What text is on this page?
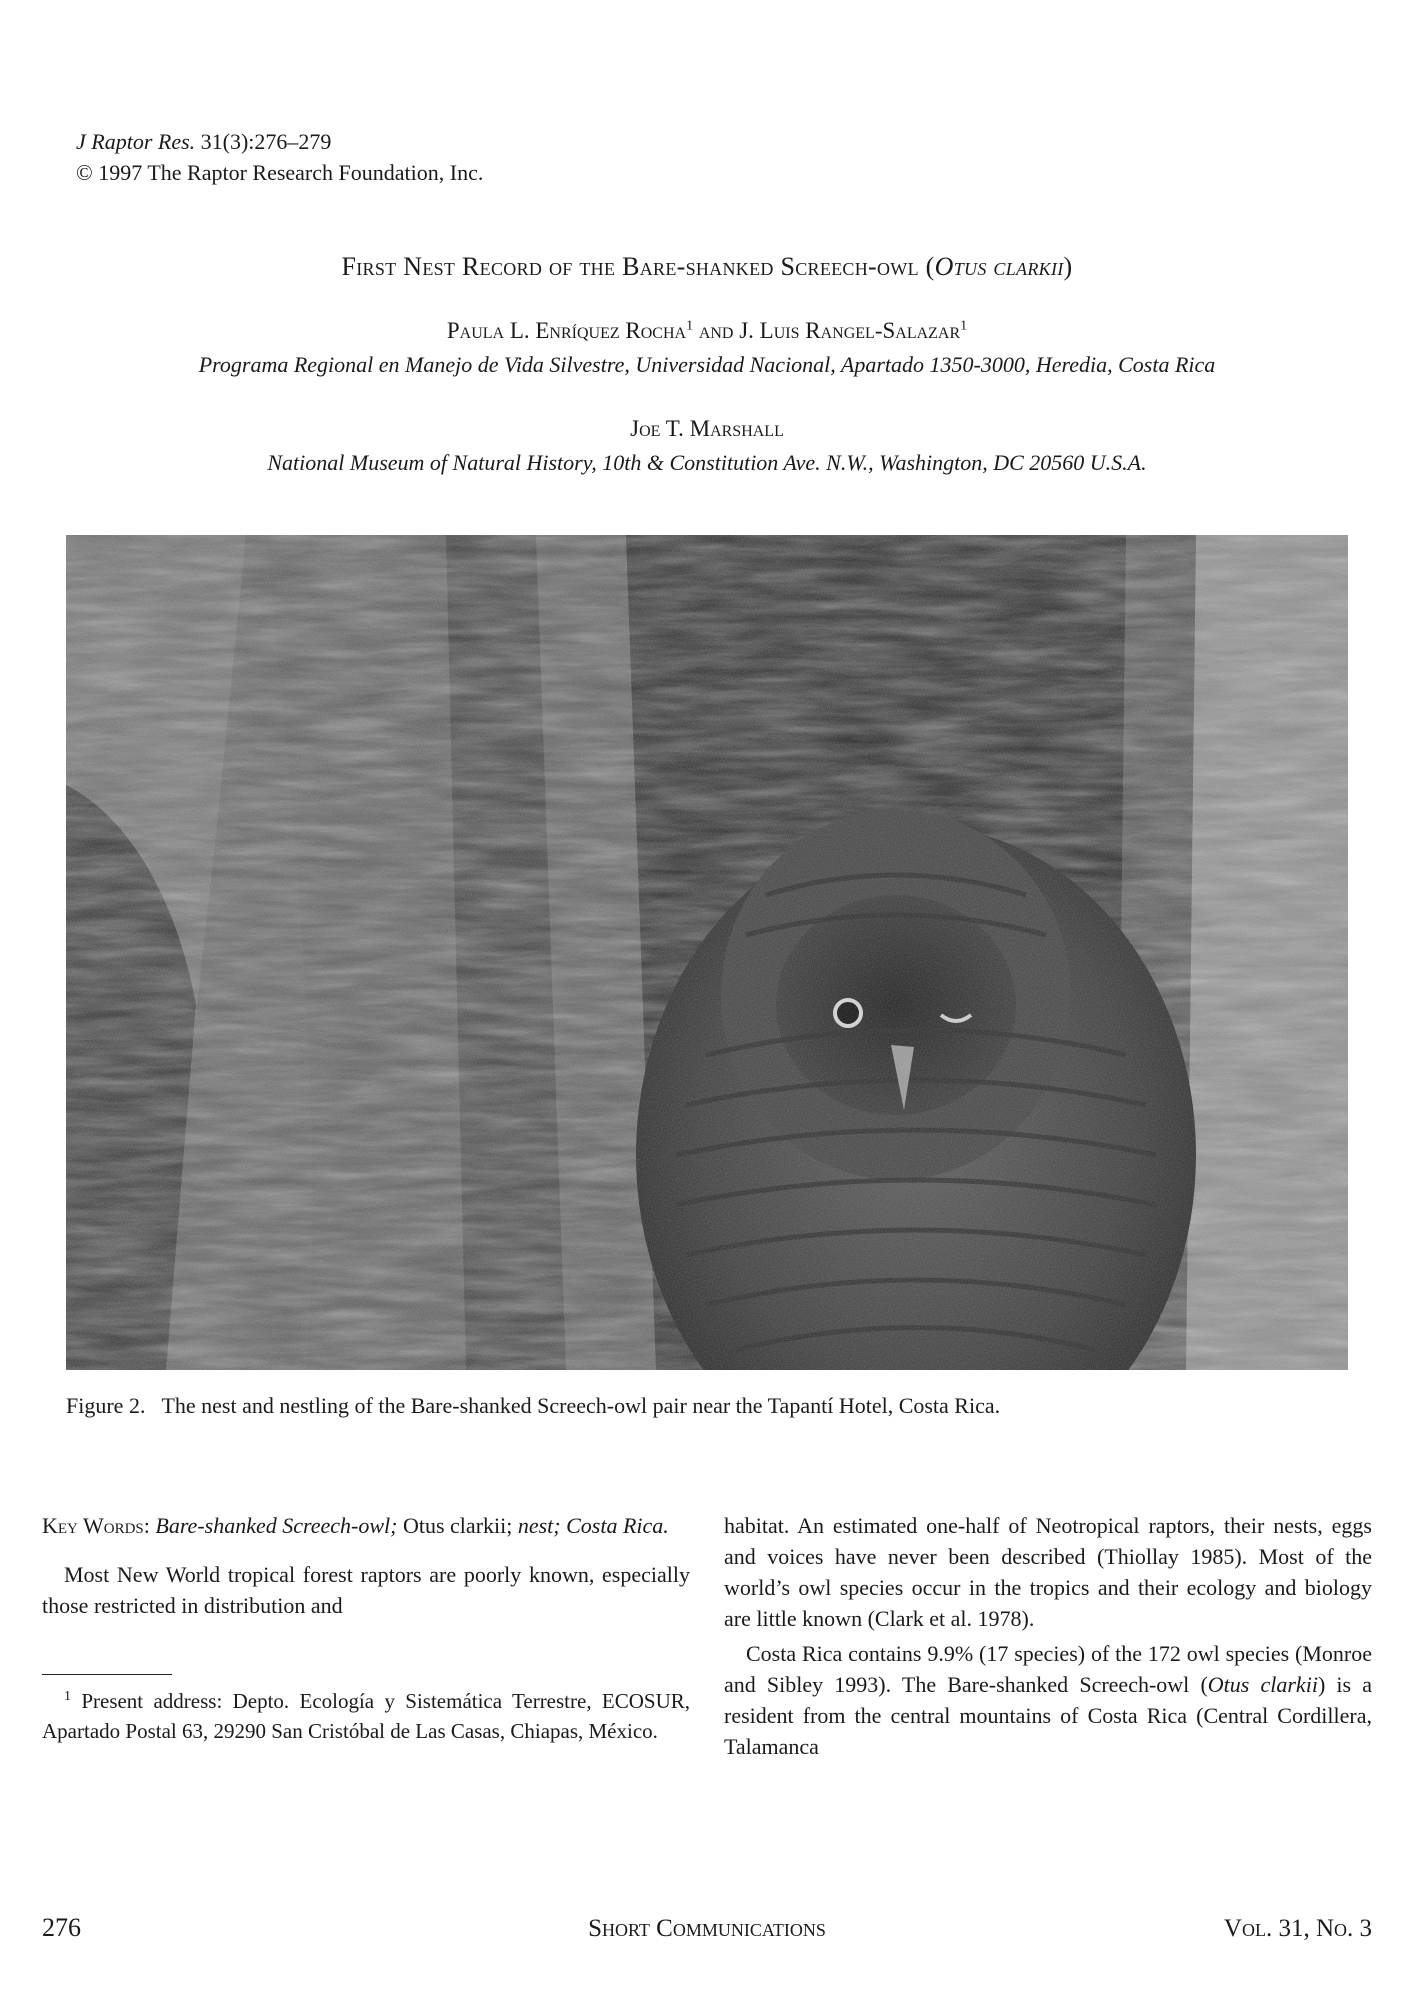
J Raptor Res. 31(3):276–279
© 1997 The Raptor Research Foundation, Inc.
First Nest Record of the Bare-shanked Screech-owl (Otus clarkii)
Paula L. Enríquez Rocha$^1$ and J. Luis Rangel-Salazar$^1$
Programa Regional en Manejo de Vida Silvestre, Universidad Nacional, Apartado 1350-3000, Heredia, Costa Rica
Joe T. Marshall
National Museum of Natural History, 10th & Constitution Ave. N.W., Washington, DC 20560 U.S.A.
Figure 2. The nest and nestling of the Bare-shanked Screech-owl pair near the Tapantí Hotel, Costa Rica.

Key Words: Bare-shanked Screech-owl; Otus clarkii; nest; Costa Rica.

Most New World tropical forest raptors are poorly known, especially those restricted in distribution and

$^1$ Present address: Depto. Ecología y Sistemática Terrestre, ECOSUR, Apartado Postal 63, 29290 San Cristóbal de Las Casas, Chiapas, México.

habitat. An estimated one-half of Neotropical raptors, their nests, eggs and voices have never been described (Thiollay 1985). Most of the world’s owl species occur in the tropics and their ecology and biology are little known (Clark et al. 1978).

Costa Rica contains 9.9% (17 species) of the 172 owl species (Monroe and Sibley 1993). The Bare-shanked Screech-owl (Otus clarkii) is a resident from the central mountains of Costa Rica (Central Cordillera, Talamanca

276	Short Communications	Vol. 31, No. 3
